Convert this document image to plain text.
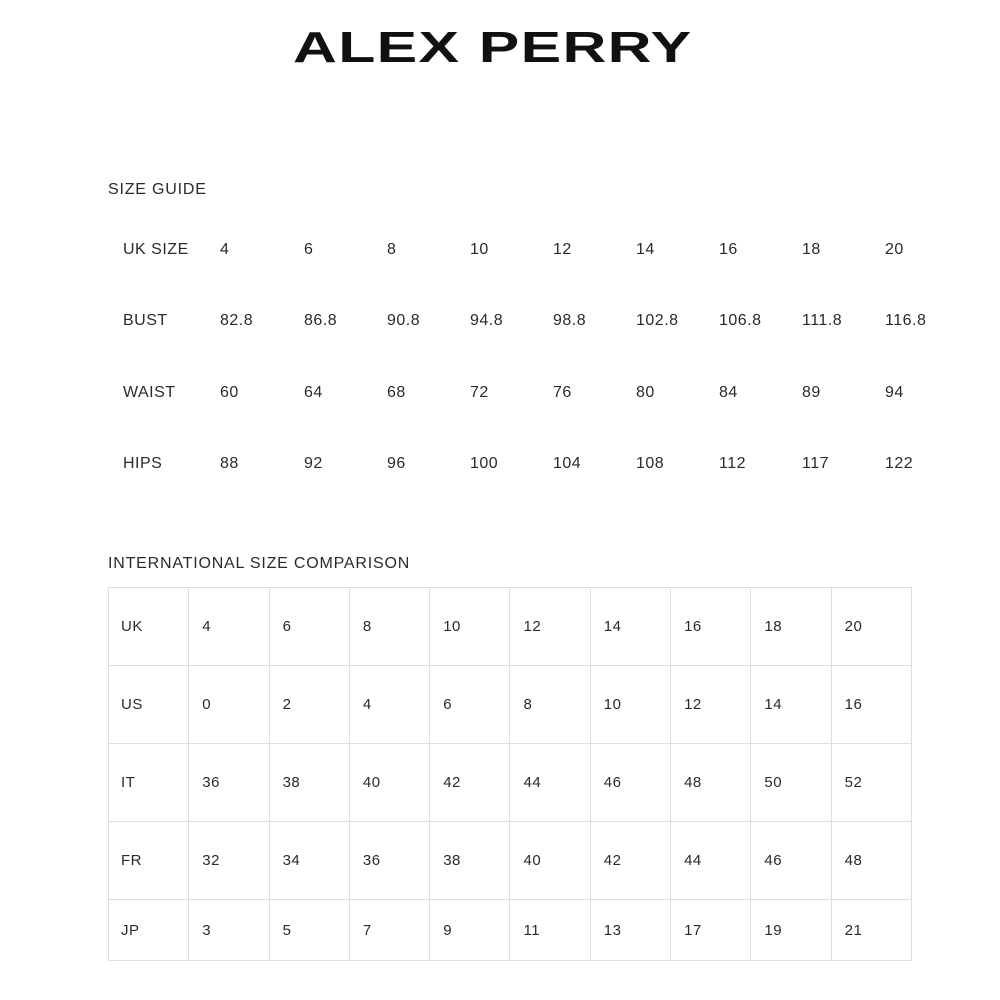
ALEX PERRY
SIZE GUIDE
UK SIZE 4	6	8	10	12	14	16	18	20
BUST	82.8	86.8	90.8	94.8	98.8	102.8	106.8	111.8	116.8
WAIST	60	64	68	72	76	80	84	89	94
HIPS	88	92	96	100	104	108	112	117	122
INTERNATIONAL SIZE COMPARISON
UK	4	6	8	10	12	14	16	18	20
US	0	2	4	6	8	10	12	14	16
IT	36	38	40	42	44	46	48	50	52
FR	32	34	36	38	40	42	44	46	48
JP	3	5	7	9	11	13	17	19	21
